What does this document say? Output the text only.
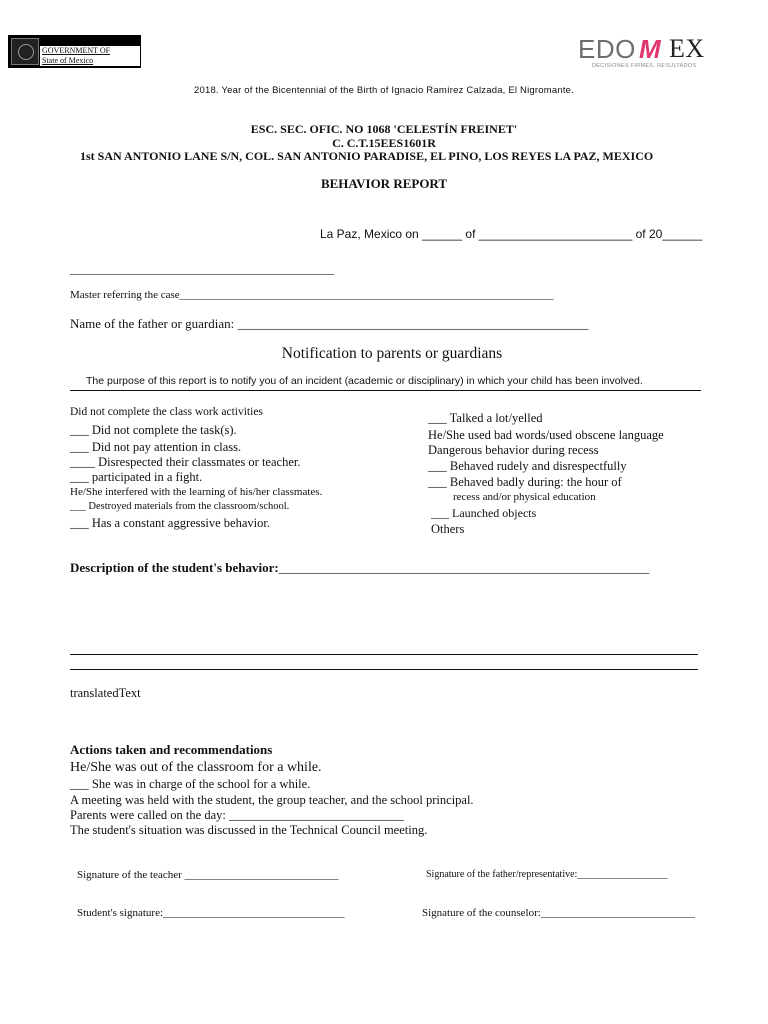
GOVERNMENT OF
State of Mexico	EDO M EX
DECISIONES FIRMES, RESULTADOS
2018. Year of the Bicentennial of the Birth of Ignacio Ramírez Calzada, El Nigromante.
ESC. SEC. OFIC. NO 1068 'CELESTÍN FREINET'
C. C.T.15EES1601R
1st SAN ANTONIO LANE S/N, COL. SAN ANTONIO PARADISE, EL PINO, LOS REYES LA PAZ, MEXICO
BEHAVIOR REPORT
La Paz, Mexico on ______ of _______________________ of 20______
____________________________________________
Master referring the case____________________________________________________________________
Name of the father or guardian: ______________________________________________________
Notification to parents or guardians
The purpose of this report is to notify you of an incident (academic or disciplinary) in which your child has been involved.
Did not complete the class work activities
___ Did not complete the task(s).
___ Did not pay attention in class.
____ Disrespected their classmates or teacher.
___ participated in a fight.
He/She interfered with the learning of his/her classmates.
___ Destroyed materials from the classroom/school.
___ Has a constant aggressive behavior.
___ Talked a lot/yelled
He/She used bad words/used obscene language
Dangerous behavior during recess
___ Behaved rudely and disrespectfully
___ Behaved badly during: the hour of
recess and/or physical education
___ Launched objects
Others
Description of the student's behavior:_________________________________________________________
translatedText
Actions taken and recommendations
He/She was out of the classroom for a while.
___ She was in charge of the school for a while.
A meeting was held with the student, the group teacher, and the school principal.
Parents were called on the day: ____________________________
The student's situation was discussed in the Technical Council meeting.
Signature of the teacher ____________________________	Signature of the father/representative:__________________
Student's signature:_________________________________	Signature of the counselor:____________________________
